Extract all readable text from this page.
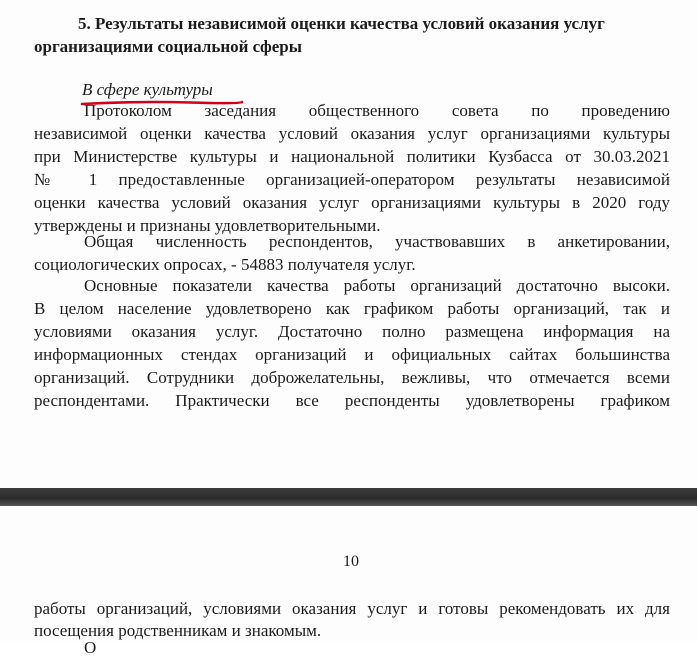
5. Результаты независимой оценки качества условий оказания услуг
организациями социальной сферы
В сфере культуры
Протоколом заседания общественного совета по проведению
независимой оценки качества условий оказания услуг организациями культуры
при Министерстве культуры и национальной политики Кузбасса от 30.03.2021
№ 1 предоставленные организацией-оператором результаты независимой
оценки качества условий оказания услуг организациями культуры в 2020 году
утверждены и признаны удовлетворительными.
Общая численность респондентов, участвовавших в анкетировании,
социологических опросах, - 54883 получателя услуг.
Основные показатели качества работы организаций достаточно высоки.
В целом население удовлетворено как графиком работы организаций, так и
условиями оказания услуг. Достаточно полно размещена информация на
информационных стендах организаций и официальных сайтах большинства
организаций. Сотрудники доброжелательны, вежливы, что отмечается всеми
респондентами. Практически все респонденты удовлетворены графиком
10
работы организаций, условиями оказания услуг и готовы рекомендовать их для
посещения родственникам и знакомым.
О
